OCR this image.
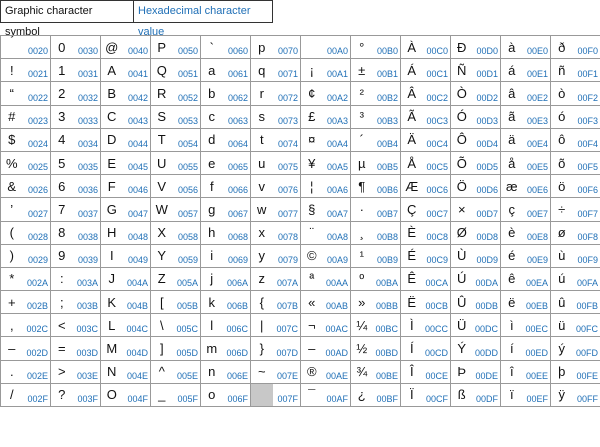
Graphic character symbol
Hexadecimal character value
	0020	0	0030	@	0040	P	0050	`	0060	p	0070		00A0	°	00B0	À	00C0	Ð	00D0	à	00E0	ð	00F0
!	0021	1	0031	A	0041	Q	0051	a	0061	q	0071	¡	00A1	±	00B1	Á	00C1	Ñ	00D1	á	00E1	ñ	00F1
“	0022	2	0032	B	0042	R	0052	b	0062	r	0072	¢	00A2	²	00B2	Â	00C2	Ò	00D2	â	00E2	ò	00F2
#	0023	3	0033	C	0043	S	0053	c	0063	s	0073	£	00A3	³	00B3	Ã	00C3	Ó	00D3	ã	00E3	ó	00F3
$	0024	4	0034	D	0044	T	0054	d	0064	t	0074	¤	00A4	´	00B4	Ä	00C4	Ô	00D4	ä	00E4	ô	00F4
%	0025	5	0035	E	0045	U	0055	e	0065	u	0075	¥	00A5	µ	00B5	Å	00C5	Õ	00D5	å	00E5	õ	00F5
&	0026	6	0036	F	0046	V	0056	f	0066	v	0076	¦	00A6	¶	00B6	Æ	00C6	Ö	00D6	æ	00E6	ö	00F6
’	0027	7	0037	G	0047	W	0057	g	0067	w	0077	§	00A7	·	00B7	Ç	00C7	×	00D7	ç	00E7	÷	00F7
(	0028	8	0038	H	0048	X	0058	h	0068	x	0078	¨	00A8	¸	00B8	È	00C8	Ø	00D8	è	00E8	ø	00F8
)	0029	9	0039	I	0049	Y	0059	i	0069	y	0079	©	00A9	¹	00B9	É	00C9	Ù	00D9	é	00E9	ù	00F9
*	002A	:	003A	J	004A	Z	005A	j	006A	z	007A	ª	00AA	º	00BA	Ê	00CA	Ú	00DA	ê	00EA	ú	00FA
+	002B	;	003B	K	004B	[	005B	k	006B	{	007B	«	00AB	»	00BB	Ë	00CB	Û	00DB	ë	00EB	û	00FB
,	002C	<	003C	L	004C	\	005C	l	006C	|	007C	¬	00AC	¼	00BC	Ì	00CC	Ü	00DC	ì	00EC	ü	00FC
–	002D	=	003D	M	004D	]	005D	m	006D	}	007D	–	00AD	½	00BD	Í	00CD	Ý	00DD	í	00ED	ý	00FD
.	002E	>	003E	N	004E	^	005E	n	006E	~	007E	®	00AE	¾	00BE	Î	00CE	Þ	00DE	î	00EE	þ	00FE
/	002F	?	003F	O	004F	_	005F	o	006F		007F	¯	00AF	¿	00BF	Ï	00CF	ß	00DF	ï	00EF	ÿ	00FF
